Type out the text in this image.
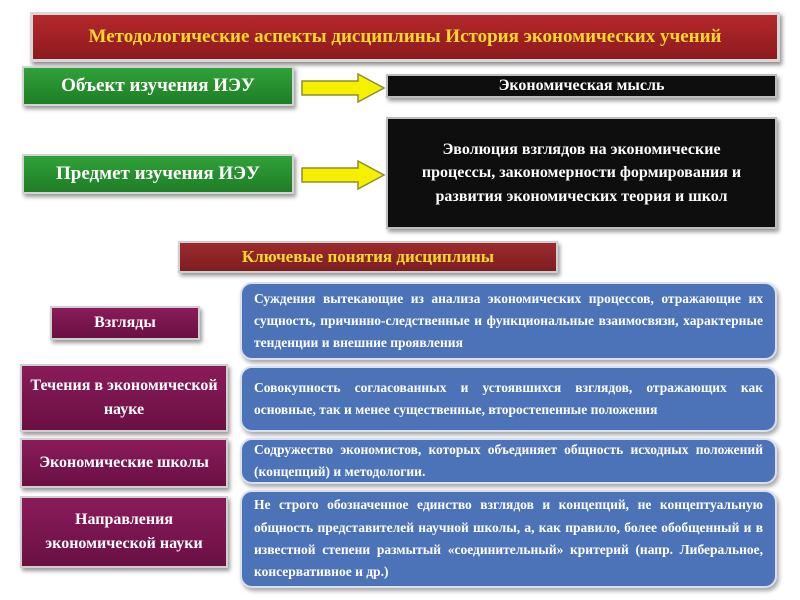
Методологические аспекты дисциплины История экономических учений
Объект изучения ИЭУ	Экономическая мысль
Предмет изучения ИЭУ
Эволюция взглядов на экономические процессы, закономерности формирования и развития экономических теория и школ
Ключевые понятия дисциплины
Взгляды
Суждения вытекающие из анализа экономических процессов, отражающие их сущность, причинно-следственные и функциональные взаимосвязи, характерные тенденции и внешние проявления
Течения в экономической науке
Совокупность согласованных и устоявшихся взглядов, отражающих как основные, так и менее существенные, второстепенные положения
Экономические школы
Содружество экономистов, которых объединяет общность исходных положений (концепций) и методологии.
Направления экономической науки
Не строго обозначенное единство взглядов и концепций, не концептуальную общность представителей научной школы, а, как правило, более обобщенный и в известной степени размытый «соединительный» критерий (напр. Либеральное, консервативное и др.)
